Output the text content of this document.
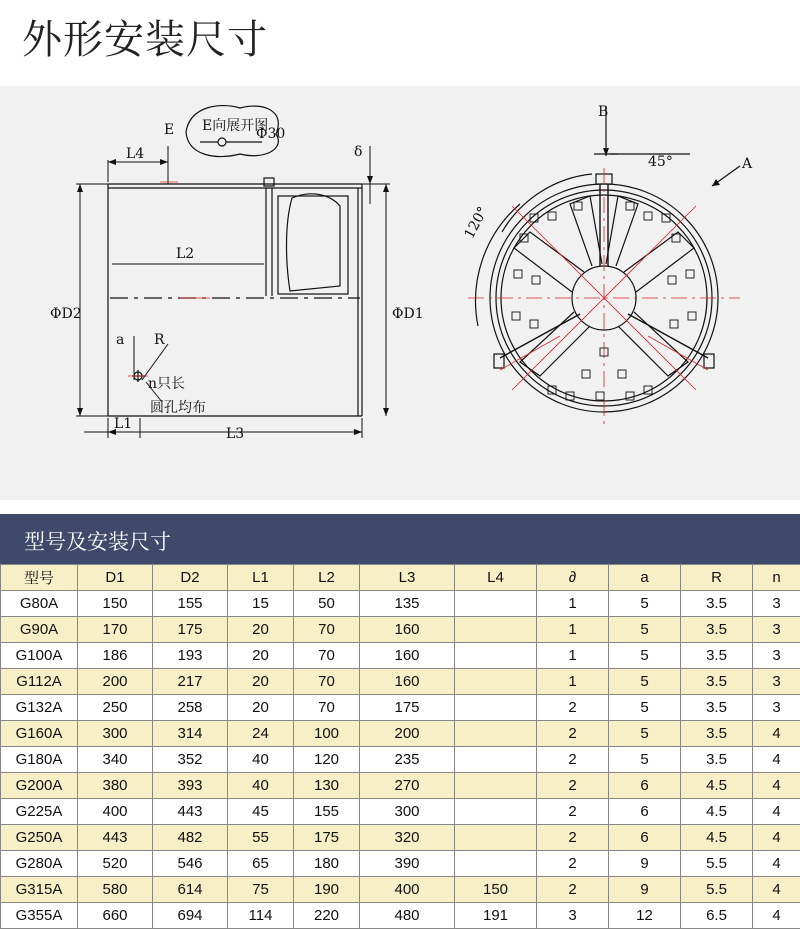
外形安装尺寸
E E向展开图
Φ30
L4	δ
L2
ΦD2	ΦD1
a R
n只长
圆孔均布
L1
L3
B
45°	A
120°
型号及安装尺寸
型号	D1	D2	L1	L2	L3	L4	∂	a	R	n
G80A	150	155	15	50	135		1	5	3.5	3
G90A	170	175	20	70	160		1	5	3.5	3
G100A	186	193	20	70	160		1	5	3.5	3
G112A	200	217	20	70	160		1	5	3.5	3
G132A	250	258	20	70	175		2	5	3.5	3
G160A	300	314	24	100	200		2	5	3.5	4
G180A	340	352	40	120	235		2	5	3.5	4
G200A	380	393	40	130	270		2	6	4.5	4
G225A	400	443	45	155	300		2	6	4.5	4
G250A	443	482	55	175	320		2	6	4.5	4
G280A	520	546	65	180	390		2	9	5.5	4
G315A	580	614	75	190	400	150	2	9	5.5	4
G355A	660	694	114	220	480	191	3	12	6.5	4
